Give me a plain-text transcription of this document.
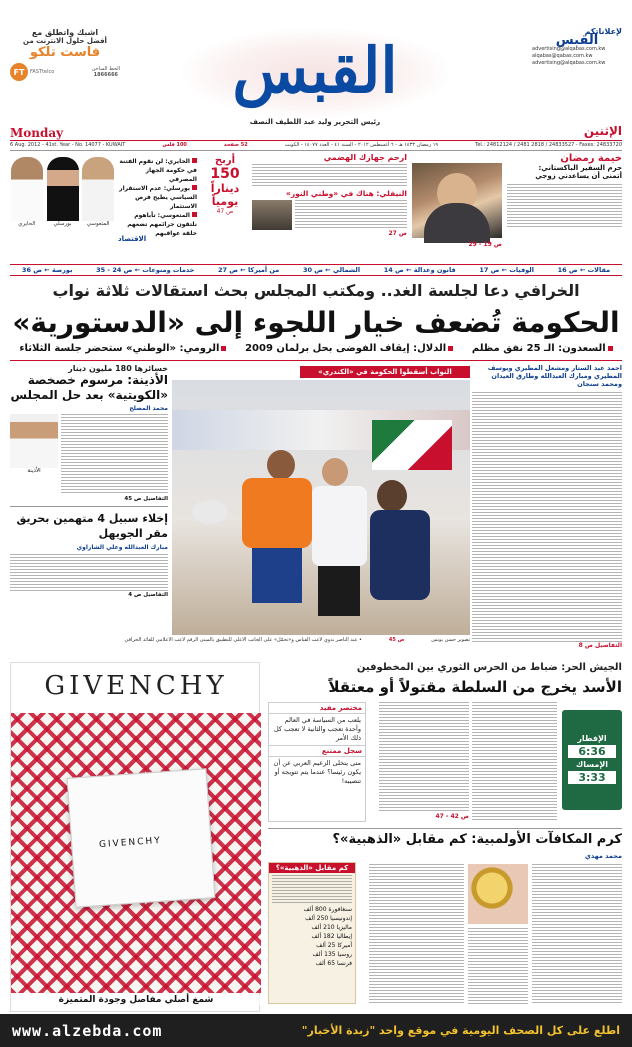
لإعلاناتكم
القبس
advertising@alqabas.com.kw
alqabas@qabas.com.kw
advertising@alqabas.com.kw
اشبك واتطلق مع
أفضل حلول الانترنت من
فاست تلكو
الخط الساخن
1866666
FT	FASTtelco	القبس
رئيس التحرير وليد عبد اللطيف النصف
الإثنين
Monday
Tel.: 24812124 / 2481 2818 / 24833527 - Faxes: 24833720
١٩ رمضان ١٤٣٣ هـ - ٦ أغسطس ٢٠١٢ - السنة ٤١ - العدد ١٤٠٧٧ - الكويت
52 صفحة
100 فلس
6 Aug. 2012 - 41st. Year - No. 14077 - KUWAIT
خيمة رمضان
حرم السفير الباكستاني:
أتمنى أن يساعدني زوجي
ص 19 - 29
ارحم جهازك الهضمي
النيفلي: هناك في «وطني النور»
ص 27
أربح
150
ديناراً
يومياً
ص 47
الحايري: لن نقوم الفتنة في حكومة الجهاز المصرفي
بورسلي: عدم الاستقرار السياسي يطيح فرص الاستثمار
المتعوسي: تأباهوم نلتقون جرائمهم تضعهم حلقة عواقبهم
المتعوسي
بورسلي
الحايري
الاقتصاد
مقالات ← ص 16
الوفيات ← ص 17
قانون وعدالة ← ص 14
الشمالي ← ص 30
من أميركا ← ص 27
خدمات ومنوعات ← ص 24 - 35
بورصة ← ص 36
الخرافي دعا لجلسة الغد.. ومكتب المجلس بحث استقالات ثلاثة نواب
الحكومة تُضعف خيار اللجوء إلى «الدستورية»
السعدون: الـ 25 نفق مظلم
الدلال: إيقاف الفوضى بحل برلمان 2009
الرومي: «الوطني» ستحضر جلسة الثلاثاء
احمد عبد الستار ومشعل المطيري ويوسف المطيري ومبارك العبدالله وطارق العيدان ومحمد سنجان
التفاصيل ص 8
النواب أسقطوا الحكومة في «الكندري»
تصوير حسن يونس
ص 45
• عبد الناصر بدوي لاعب القباس و«تحمّل» على الجانب الاعلى للتطبيق بالمبنى الرقم لاعب الاعلامي للقائد الخرافي
خسائرها 180 مليون دينار
الأذينة: مرسوم خصخصة «الكويتية» بعد حل المجلس
محمد المصلح
الأذينة
التفاصيل ص 45
إخلاء سبيل 4 متهمين بحريق مقر الجويهل
مبارك العبدالله وعلي الشاراوي
التفاصيل ص 4
GIVENCHY
GIVENCHY
شمغ أصلي مفاصل وجودة المتميزة
الجيش الحر: ضباط من الحرس الثوري بين المخطوفين
الأسد يخرج من السلطة مقتولاً أو معتقلاً
الإفطار
6:36
الإمساك
3:33
ص 42 - 47
مختصر مفيد
يلعب من السياسة في العالم وأحدة تعجب والثانية لا تعجب كل ذلك الأمر
سجل ممتنع
متى يتخلى الزعيم العربي عن أن يكون رئيسا؟ عندما يتم تتويجه أو تنصيبه!
كرم المكافآت الأولمبية: كم مقابل «الذهبية»؟
محمد مهدي
كم مقابل «الذهبية»؟
سنغافورة 800 ألف
إندونيسيا 250 ألف
ماليزيا 210 ألف
إيطاليا 182 ألف
أميركا 25 ألف
روسيا 135 ألف
فرنسا 65 ألف
اطلع على كل الصحف اليومية في موقع واحد "زبدة الأخبار"
www.alzebda.com
